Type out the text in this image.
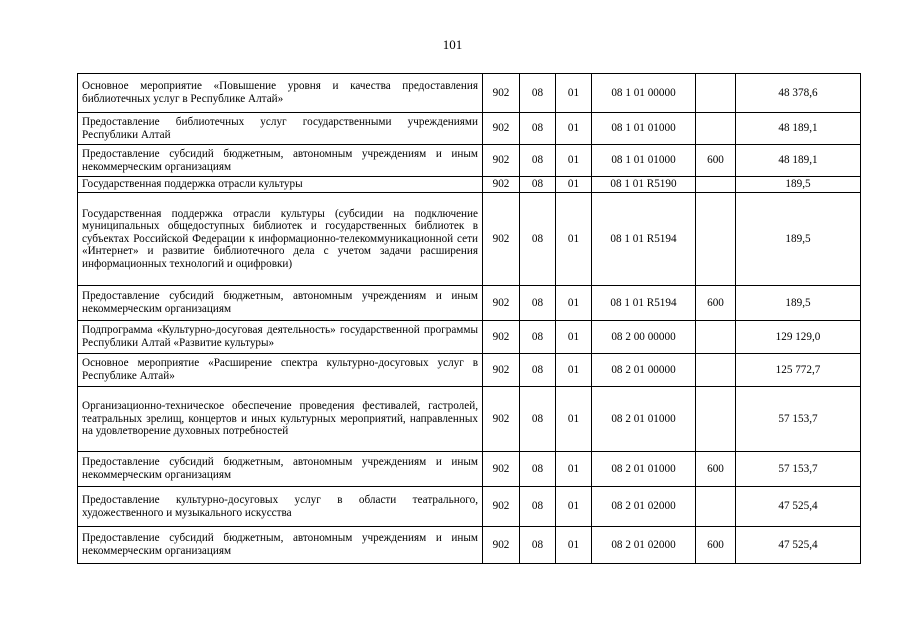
101
Основное мероприятие «Повышение уровня и качества предоставления библиотечных услуг в Республике Алтай»	902	08	01	08 1 01 00000		48 378,6
Предоставление библиотечных услуг государственными учреждениями Республики Алтай	902	08	01	08 1 01 01000		48 189,1
Предоставление субсидий бюджетным, автономным учреждениям и иным некоммерческим организациям	902	08	01	08 1 01 01000	600	48 189,1
Государственная поддержка отрасли культуры	902	08	01	08 1 01 R5190		189,5
Государственная поддержка отрасли культуры (субсидии на подключение муниципальных общедоступных библиотек и государственных библиотек в субъектах Российской Федерации к информационно-телекоммуникационной сети «Интернет» и развитие библиотечного дела с учетом задачи расширения информационных технологий и оцифровки)	902	08	01	08 1 01 R5194		189,5
Предоставление субсидий бюджетным, автономным учреждениям и иным некоммерческим организациям	902	08	01	08 1 01 R5194	600	189,5
Подпрограмма «Культурно-досуговая деятельность» государственной программы Республики Алтай «Развитие культуры»	902	08	01	08 2 00 00000		129 129,0
Основное мероприятие «Расширение спектра культурно-досуговых услуг в Республике Алтай»	902	08	01	08 2 01 00000		125 772,7
Организационно-техническое обеспечение проведения фестивалей, гастролей, театральных зрелищ, концертов и иных культурных мероприятий, направленных на удовлетворение духовных потребностей	902	08	01	08 2 01 01000		57 153,7
Предоставление субсидий бюджетным, автономным учреждениям и иным некоммерческим организациям	902	08	01	08 2 01 01000	600	57 153,7
Предоставление культурно-досуговых услуг в области театрального, художественного и музыкального искусства	902	08	01	08 2 01 02000		47 525,4
Предоставление субсидий бюджетным, автономным учреждениям и иным некоммерческим организациям	902	08	01	08 2 01 02000	600	47 525,4
